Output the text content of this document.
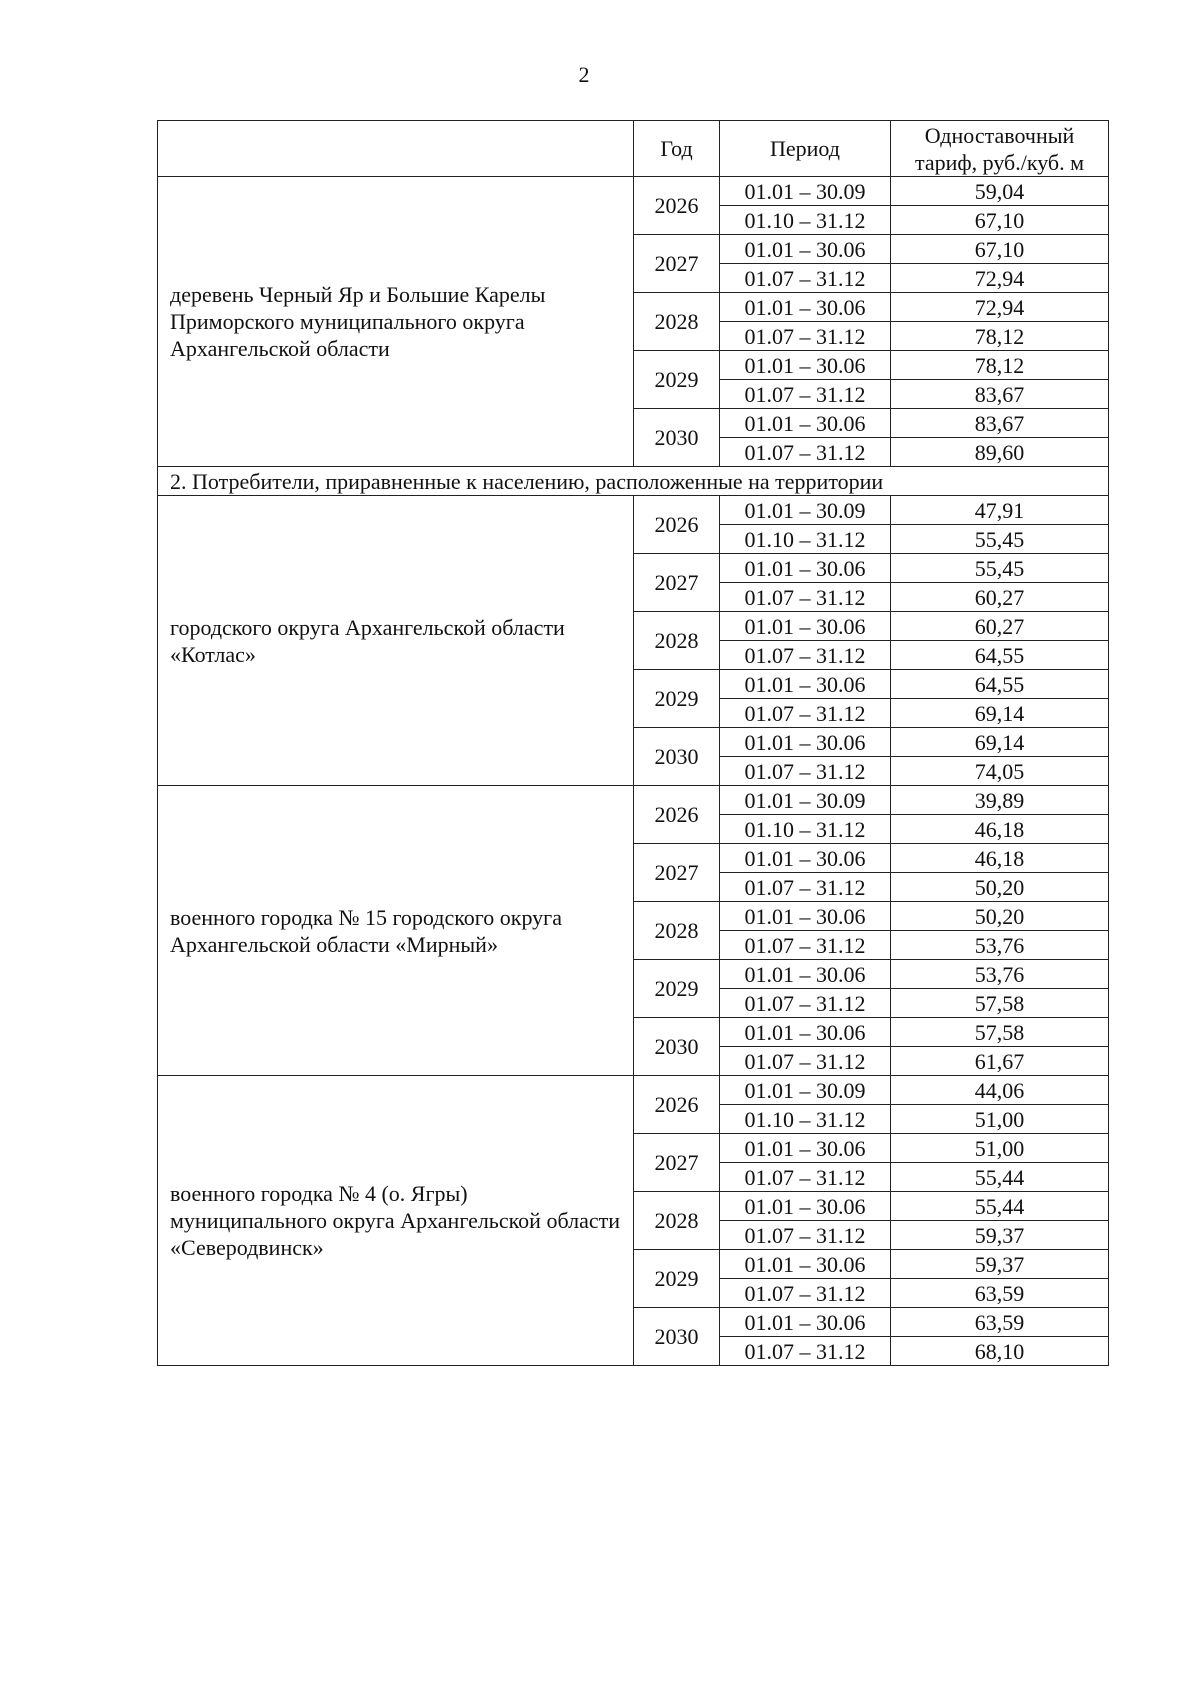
2
	Год	Период	Одноставочный тариф, руб./куб. м
деревень Черный Яр и Большие Карелы Приморского муниципального округа Архангельской области	2026	01.01 – 30.09	59,04
		01.10 – 31.12	67,10
	2027	01.01 – 30.06	67,10
		01.07 – 31.12	72,94
	2028	01.01 – 30.06	72,94
		01.07 – 31.12	78,12
	2029	01.01 – 30.06	78,12
		01.07 – 31.12	83,67
	2030	01.01 – 30.06	83,67
		01.07 – 31.12	89,60
2. Потребители, приравненные к населению, расположенные на территории			
городского округа Архангельской области «Котлас»	2026	01.01 – 30.09	47,91
		01.10 – 31.12	55,45
	2027	01.01 – 30.06	55,45
		01.07 – 31.12	60,27
	2028	01.01 – 30.06	60,27
		01.07 – 31.12	64,55
	2029	01.01 – 30.06	64,55
		01.07 – 31.12	69,14
	2030	01.01 – 30.06	69,14
		01.07 – 31.12	74,05
военного городка № 15 городского округа Архангельской области «Мирный»	2026	01.01 – 30.09	39,89
		01.10 – 31.12	46,18
	2027	01.01 – 30.06	46,18
		01.07 – 31.12	50,20
	2028	01.01 – 30.06	50,20
		01.07 – 31.12	53,76
	2029	01.01 – 30.06	53,76
		01.07 – 31.12	57,58
	2030	01.01 – 30.06	57,58
		01.07 – 31.12	61,67
военного городка № 4 (о. Ягры) муниципального округа Архангельской области «Северодвинск»	2026	01.01 – 30.09	44,06
		01.10 – 31.12	51,00
	2027	01.01 – 30.06	51,00
		01.07 – 31.12	55,44
	2028	01.01 – 30.06	55,44
		01.07 – 31.12	59,37
	2029	01.01 – 30.06	59,37
		01.07 – 31.12	63,59
	2030	01.01 – 30.06	63,59
		01.07 – 31.12	68,10
